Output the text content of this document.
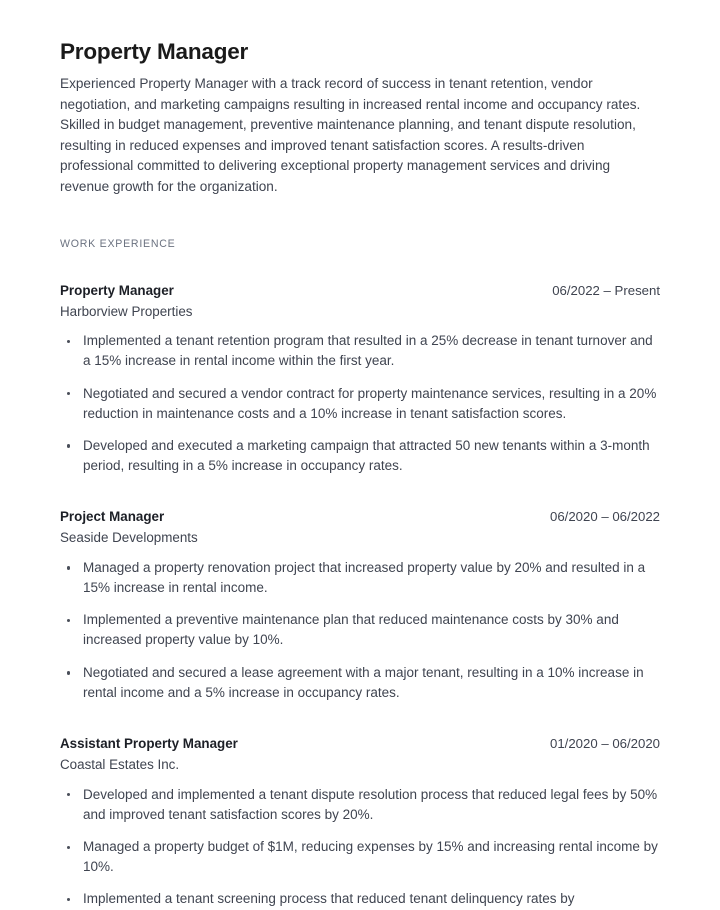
Property Manager

Experienced Property Manager with a track record of success in tenant retention, vendor negotiation, and marketing campaigns resulting in increased rental income and occupancy rates. Skilled in budget management, preventive maintenance planning, and tenant dispute resolution, resulting in reduced expenses and improved tenant satisfaction scores. A results-driven professional committed to delivering exceptional property management services and driving revenue growth for the organization.

WORK EXPERIENCE
Property Manager	06/2022 – Present
Harborview Properties
Implemented a tenant retention program that resulted in a 25% decrease in tenant turnover and a 15% increase in rental income within the first year.
Negotiated and secured a vendor contract for property maintenance services, resulting in a 20% reduction in maintenance costs and a 10% increase in tenant satisfaction scores.
Developed and executed a marketing campaign that attracted 50 new tenants within a 3-month period, resulting in a 5% increase in occupancy rates.
Project Manager	06/2020 – 06/2022
Seaside Developments
Managed a property renovation project that increased property value by 20% and resulted in a 15% increase in rental income.
Implemented a preventive maintenance plan that reduced maintenance costs by 30% and increased property value by 10%.
Negotiated and secured a lease agreement with a major tenant, resulting in a 10% increase in rental income and a 5% increase in occupancy rates.
Assistant Property Manager	01/2020 – 06/2020
Coastal Estates Inc.
Developed and implemented a tenant dispute resolution process that reduced legal fees by 50% and improved tenant satisfaction scores by 20%.
Managed a property budget of $1M, reducing expenses by 15% and increasing rental income by 10%.
Implemented a tenant screening process that reduced tenant delinquency rates by
